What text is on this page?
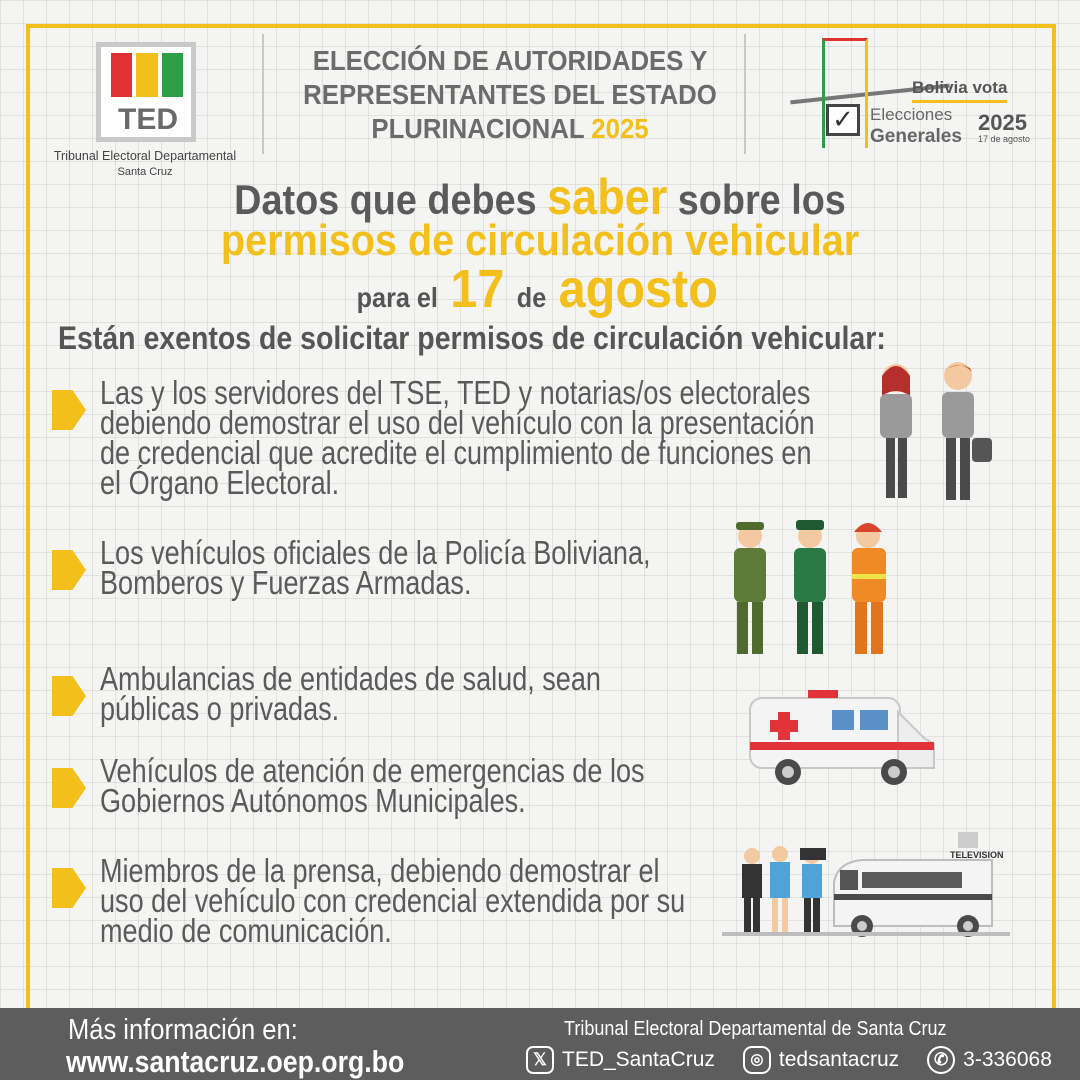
TED
Tribunal Electoral Departamental
Santa Cruz
ELECCIÓN DE AUTORIDADES Y
REPRESENTANTES DEL ESTADO
PLURINACIONAL 2025	✓
Bolivia vota
Elecciones
Generales
2025
17 de agosto
Datos que debes saber sobre los
permisos de circulación vehicular
para el 17 de agosto
Están exentos de solicitar permisos de circulación vehicular:
Las y los servidores del TSE, TED y notarias/os electorales
debiendo demostrar el uso del vehículo con la presentación
de credencial que acredite el cumplimiento de funciones en
el Órgano Electoral.
Los vehículos oficiales de la Policía Boliviana,
Bomberos y Fuerzas Armadas.
Ambulancias de entidades de salud, sean
públicas o privadas.
Vehículos de atención de emergencias de los
Gobiernos Autónomos Municipales.
Miembros de la prensa, debiendo demostrar el
uso del vehículo con credencial extendida por su
medio de comunicación.
TELEVISION
Más información en:
www.santacruz.oep.org.bo
Tribunal Electoral Departamental de Santa Cruz
𝕏 TED_SantaCruz	◎ tedsantacruz	✆ 3-336068
